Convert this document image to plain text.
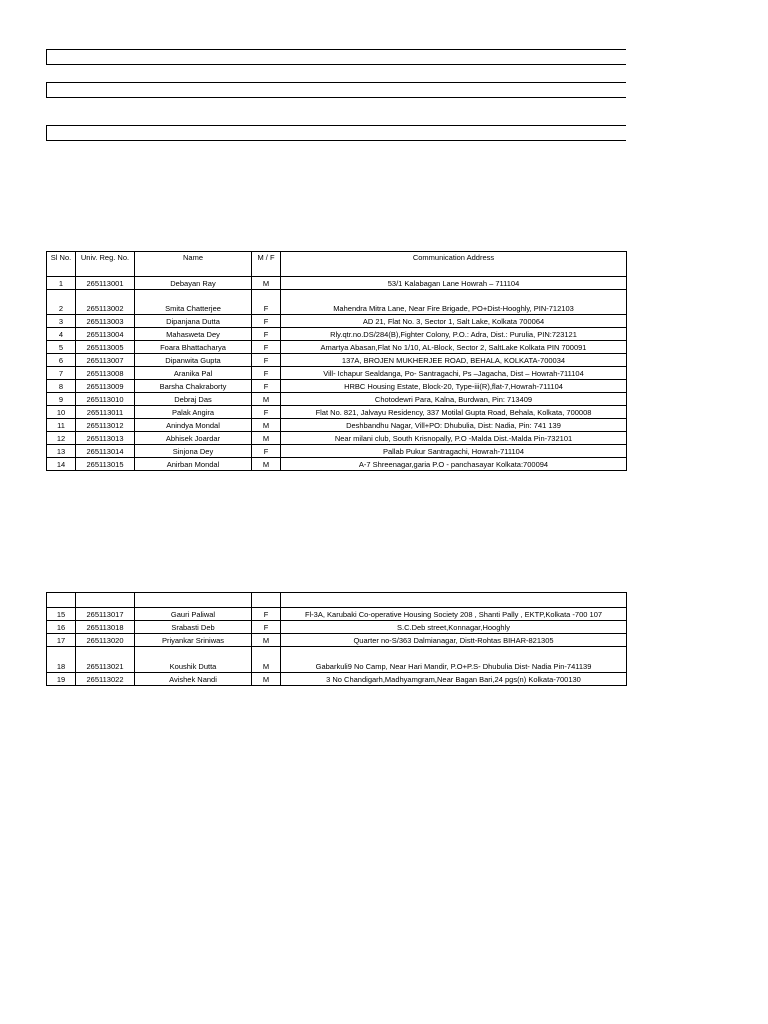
Sl No.	Univ. Reg. No.	Name	M / F	Communication Address
1	265113001	Debayan Ray	M	53/1 Kalabagan Lane Howrah – 711104
2	265113002	Smita Chatterjee	F	Mahendra Mitra Lane, Near Fire Brigade, PO+Dist-Hooghly, PIN-712103
3	265113003	Dipanjana Dutta	F	AD 21, Flat No. 3, Sector 1, Salt Lake, Kolkata 700064
4	265113004	Mahasweta Dey	F	Rly.qtr.no.DS/284(B),Fighter Colony, P.O.: Adra, Dist.: Purulia, PIN:723121
5	265113005	Foara Bhattacharya	F	Amartya Abasan,Flat No 1/10, AL-Block, Sector 2, SaltLake Kolkata PIN 700091
6	265113007	Dipanwita Gupta	F	137A, BROJEN MUKHERJEE ROAD, BEHALA, KOLKATA-700034
7	265113008	Aranika Pal	F	Vill- Ichapur Sealdanga, Po- Santragachi, Ps –Jagacha, Dist – Howrah-711104
8	265113009	Barsha Chakraborty	F	HRBC Housing Estate, Block-20, Type-iii(R),flat-7,Howrah-711104
9	265113010	Debraj Das	M	Chotodewri Para, Kalna, Burdwan, Pin: 713409
10	265113011	Palak Angira	F	Flat No. 821, Jalvayu Residency, 337 Motilal Gupta Road, Behala, Kolkata, 700008
11	265113012	Anindya Mondal	M	Deshbandhu Nagar, Vill+PO: Dhubulia, Dist: Nadia, Pin: 741 139
12	265113013	Abhisek Joardar	M	Near milani club, South Krisnopally, P.O -Malda Dist.-Malda Pin-732101
13	265113014	Sinjona Dey	F	Pallab Pukur Santragachi, Howrah-711104
14	265113015	Anirban Mondal	M	A-7 Shreenagar,garia P.O - panchasayar Kolkata:700094

15	265113017	Gauri Paliwal	F	Fl-3A, Karubaki Co-operative Housing Society 208 , Shanti Pally , EKTP,Kolkata -700 107
16	265113018	Srabasti Deb	F	S.C.Deb street,Konnagar,Hooghly
17	265113020	Priyankar Sriniwas	M	Quarter no-S/363 Dalmianagar, Distt-Rohtas BIHAR-821305
18	265113021	Koushik Dutta	M	Gabarkuli9 No Camp, Near Hari Mandir, P.O+P.S- Dhubulia Dist- Nadia Pin-741139
19	265113022	Avishek Nandi	M	3 No Chandigarh,Madhyamgram,Near Bagan Bari,24 pgs(n) Kolkata-700130
